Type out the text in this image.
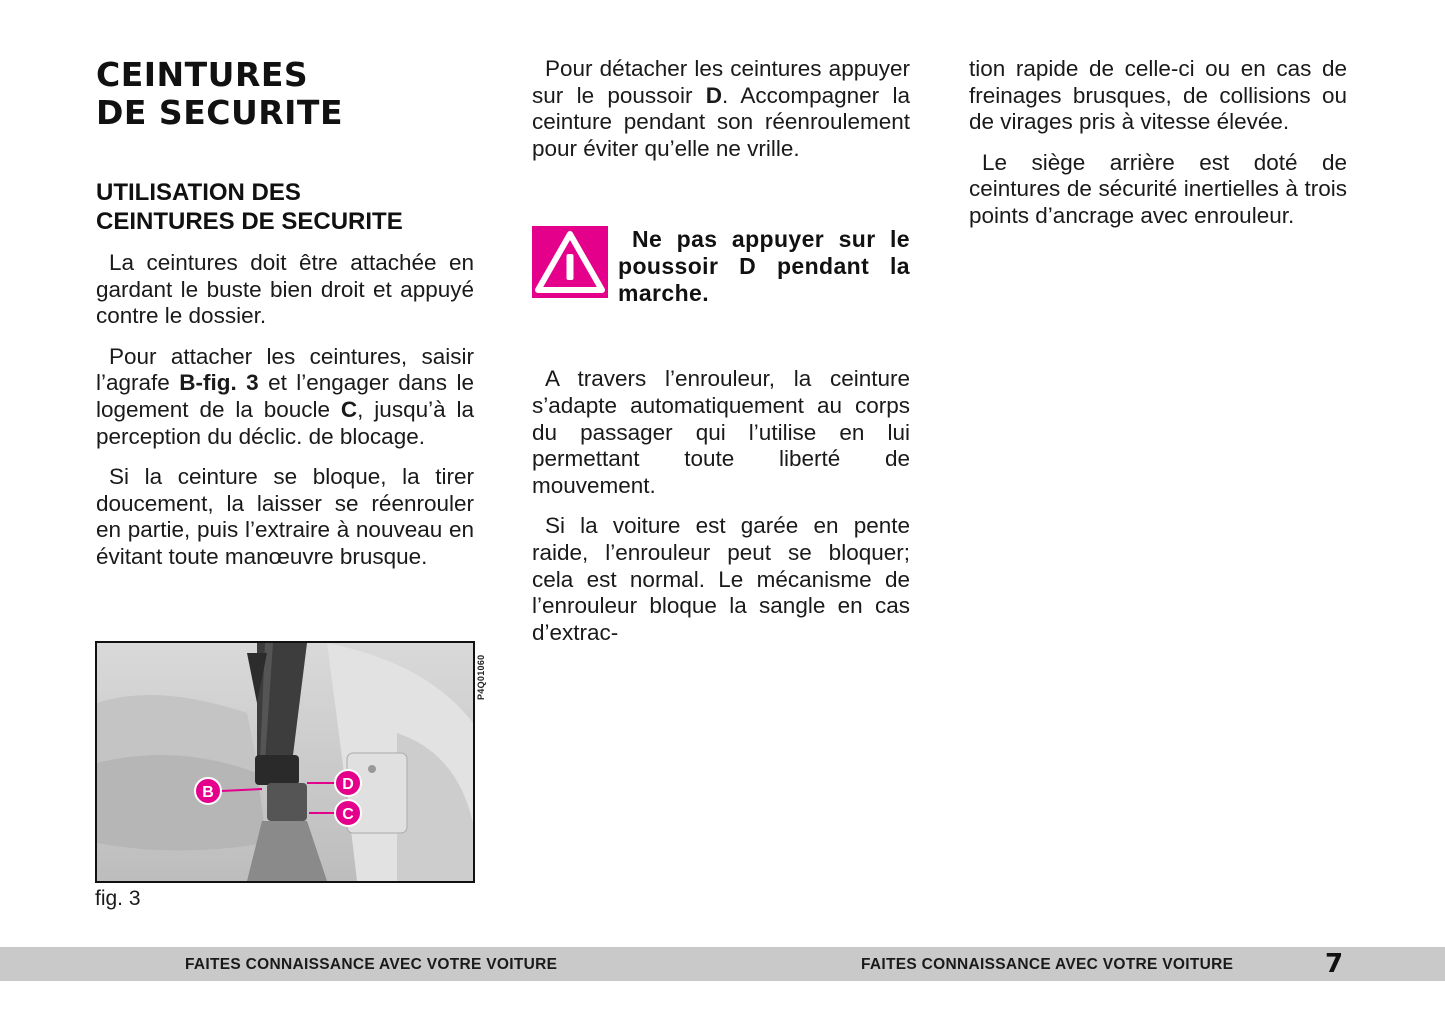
CEINTURES
DE SECURITE
UTILISATION DES
CEINTURES DE SECURITE

La ceintures doit être attachée en gardant le buste bien droit et appuyé contre le dossier.

Pour attacher les ceintures, saisir l’agrafe B-fig. 3 et l’engager dans le logement de la boucle C, jusqu’à la perception du déclic. de blocage.

Si la ceinture se bloque, la tirer doucement, la laisser se réenrouler en partie, puis l’extraire à nouveau en évitant toute manœuvre brusque.

B	D
C
P4Q01060
fig. 3

Pour détacher les ceintures appuyer sur le poussoir D. Accompagner la ceinture pendant son réenroulement pour éviter qu’elle ne vrille.

Ne pas appuyer sur le poussoir D pendant la marche.

A travers l’enrouleur, la ceinture s’adapte automatiquement au corps du passager qui l’utilise en lui permettant toute liberté de mouvement.

Si la voiture est garée en pente raide, l’enrouleur peut se bloquer; cela est normal. Le mécanisme de l’enrouleur bloque la sangle en cas d’extrac-

tion rapide de celle-ci ou en cas de freinages brusques, de collisions ou de virages pris à vitesse élevée.

Le siège arrière est doté de ceintures de sécurité inertielles à trois points d’ancrage avec enrouleur.

FAITES CONNAISSANCE AVEC VOTRE VOITURE	FAITES CONNAISSANCE AVEC VOTRE VOITURE	7
